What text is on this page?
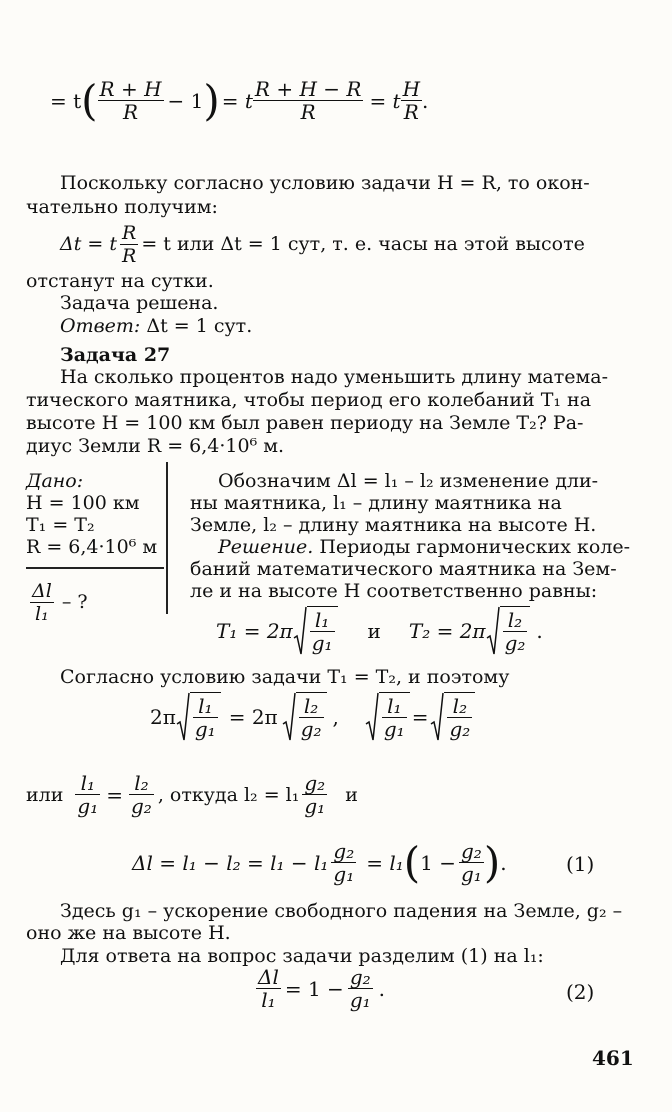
= t ( $\frac{R + H}{R} - 1$ ) = t $\frac{R + H - R}{R} = t \frac{H}{R}$ .
Поскольку согласно условию задачи H = R, то окон-
чательно получим:
Δt = t $\frac{R}{R} = t$ или Δt = 1 сут, т. е. часы на этой высоте
отстанут на сутки.
Задача решена.
Ответ: Δt = 1 сут.
Задача 27
На сколько процентов надо уменьшить длину матема-
тического маятника, чтобы период его колебаний T₁ на
высоте H = 100 км был равен периоду на Земле T₂? Ра-
диус Земли R = 6,4·10⁶ м.
Дано:
H = 100 км
T₁ = T₂
R = 6,4·10⁶ м
$\frac{\Delta l}{\text{l₁}}$ – ?
Обозначим Δl = l₁ – l₂ изменение дли-
ны маятника, l₁ – длину маятника на
Земле, l₂ – длину маятника на высоте H.
Решение. Периоды гармонических коле-
баний математического маятника на Зем-
ле и на высоте H соответственно равны:
$T_1 = 2\pi \frac{\text{l₁}}{\text{g₁}}$ и $T_2 = 2\pi \frac{\text{l₂}}{\text{g₂}}$ .
Согласно условию задачи T₁ = T₂, и поэтому
$2\pi \frac{\text{l₁}}{\text{g₁}} = 2\pi \frac{\text{l₂}}{\text{g₂}}$ , $\frac{\text{l₁}}{\text{g₁}} = \frac{\text{l₂}}{\text{g₂}}$
или $\frac{\text{l₁}}{\text{g₁}} = \frac{\text{l₂}}{\text{g₂}}$ , откуда $l_2 = l_1 \frac{\text{g₂}}{\text{g₁}}$ и
$\Delta l = l_1 - l_2 = l_1 - l_1 \frac{\text{g₂}}{\text{g₁}} = l_1$ ( $1 - \frac{\text{g₂}}{\text{g₁}}$ ) .	(1)
Здесь g₁ – ускорение свободного падения на Земле, g₂ –
оно же на высоте H.
Для ответа на вопрос задачи разделим (1) на l₁:
$\frac{\Delta l}{\text{l₁}} = 1 - \frac{\text{g₂}}{\text{g₁}}$ .	(2)
461
